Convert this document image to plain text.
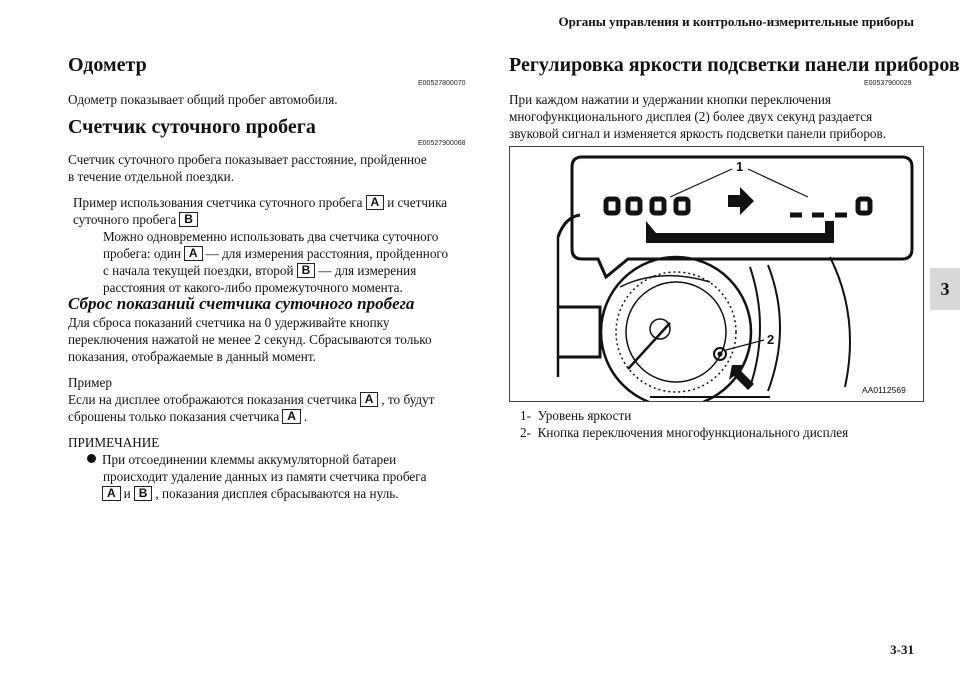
Органы управления и контрольно-измерительные приборы
3
Одометр
E00527800070
Одометр показывает общий пробег автомобиля.
Счетчик суточного пробега
E00527900068
Счетчик суточного пробега показывает расстояние, пройденное
в течение отдельной поездки.
Пример использования счетчика суточного пробега A и счетчика
суточного пробега B
Можно одновременно использовать два счетчика суточного
пробега: один A — для измерения расстояния, пройденного
с начала текущей поездки, второй B — для измерения
расстояния от какого-либо промежуточного момента.
Сброс показаний счетчика суточного пробега
Для сброса показаний счетчика на 0 удерживайте кнопку
переключения нажатой не менее 2 секунд. Сбрасываются только
показания, отображаемые в данный момент.
Пример
Если на дисплее отображаются показания счетчика A , то будут
сброшены только показания счетчика A .
ПРИМЕЧАНИЕ
При отсоединении клеммы аккумуляторной батареи
происходит удаление данных из памяти счетчика пробега
A и B , показания дисплея сбрасываются на нуль.
Регулировка яркости подсветки панели приборов
E00537900029
При каждом нажатии и удержании кнопки переключения
многофункционального дисплея (2) более двух секунд раздается
звуковой сигнал и изменяется яркость подсветки панели приборов.
1
2
AA0112569
1- Уровень яркости
2- Кнопка переключения многофункционального дисплея
3-31
